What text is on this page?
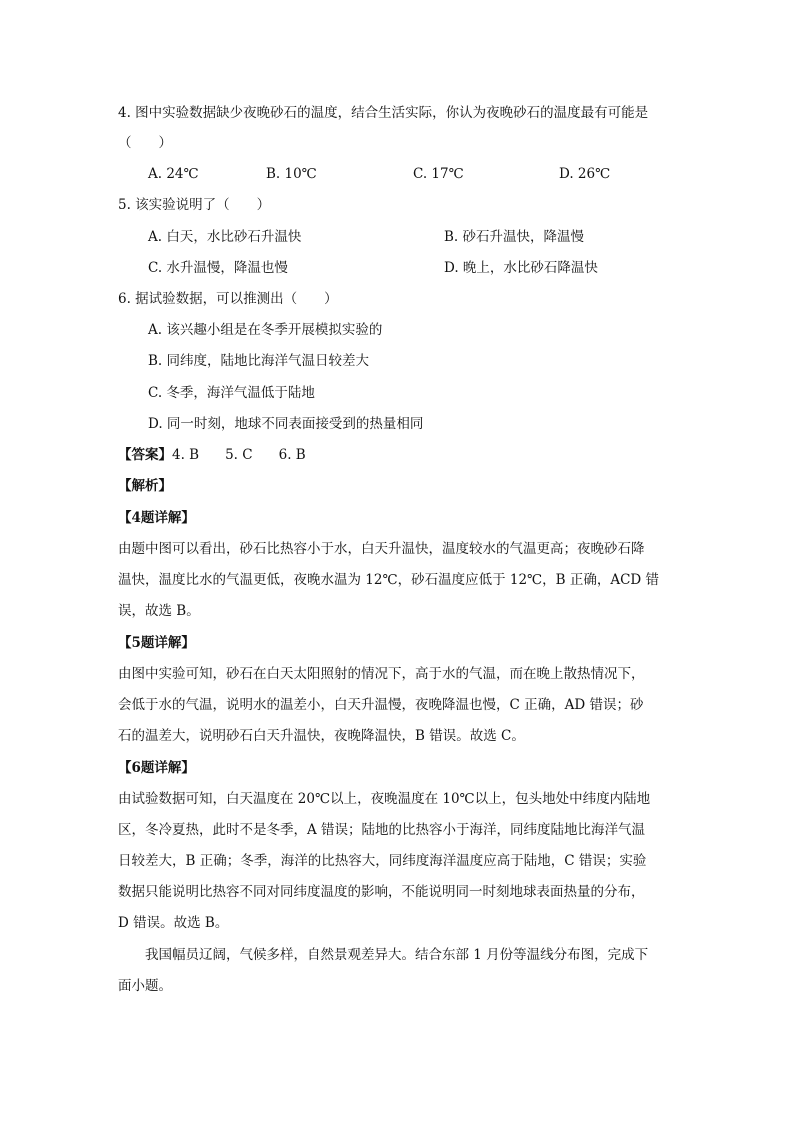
4. 图中实验数据缺少夜晚砂石的温度，结合生活实际，你认为夜晚砂石的温度最有可能是
（　　）
A. 24℃	B. 10℃	C. 17℃	D. 26℃
5. 该实验说明了（　　）
A. 白天，水比砂石升温快	B. 砂石升温快，降温慢
C. 水升温慢，降温也慢	D. 晚上，水比砂石降温快
6. 据试验数据，可以推测出（　　）
A. 该兴趣小组是在冬季开展模拟实验的
B. 同纬度，陆地比海洋气温日较差大
C. 冬季，海洋气温低于陆地
D. 同一时刻，地球不同表面接受到的热量相同
【答案】4. B 5. C 6. B
【解析】
【4题详解】
由题中图可以看出，砂石比热容小于水，白天升温快，温度较水的气温更高；夜晚砂石降
温快，温度比水的气温更低，夜晚水温为 12℃，砂石温度应低于 12℃，B 正确，ACD 错
误，故选 B。
【5题详解】
由图中实验可知，砂石在白天太阳照射的情况下，高于水的气温，而在晚上散热情况下，
会低于水的气温，说明水的温差小，白天升温慢，夜晚降温也慢，C 正确，AD 错误；砂
石的温差大，说明砂石白天升温快，夜晚降温快，B 错误。故选 C。
【6题详解】
由试验数据可知，白天温度在 20℃以上，夜晚温度在 10℃以上，包头地处中纬度内陆地
区，冬冷夏热，此时不是冬季，A 错误；陆地的比热容小于海洋，同纬度陆地比海洋气温
日较差大，B 正确；冬季，海洋的比热容大，同纬度海洋温度应高于陆地，C 错误；实验
数据只能说明比热容不同对同纬度温度的影响，不能说明同一时刻地球表面热量的分布，
D 错误。故选 B。
　　我国幅员辽阔，气候多样，自然景观差异大。结合东部 1 月份等温线分布图，完成下
面小题。
